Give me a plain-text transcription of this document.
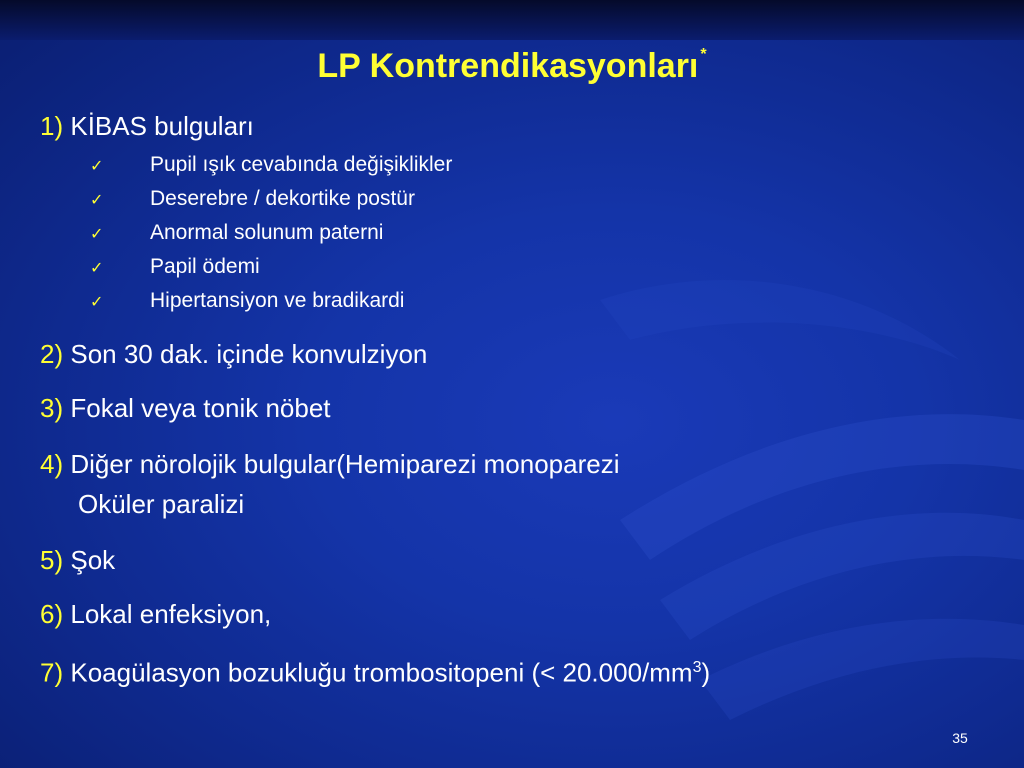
LP Kontrendikasyonları *
1) KİBAS bulguları
✓ Pupil ışık cevabında değişiklikler
✓ Deserebre / dekortike postür
✓ Anormal solunum paterni
✓ Papil ödemi
✓ Hipertansiyon ve bradikardi
2) Son 30 dak. içinde konvulziyon
3) Fokal veya tonik nöbet
4) Diğer nörolojik bulgular(Hemiparezi monoparezi
Oküler paralizi
5) Şok
6) Lokal enfeksiyon,
7) Koagülasyon bozukluğu trombositopeni (< $20.000/mm^3$)
35
